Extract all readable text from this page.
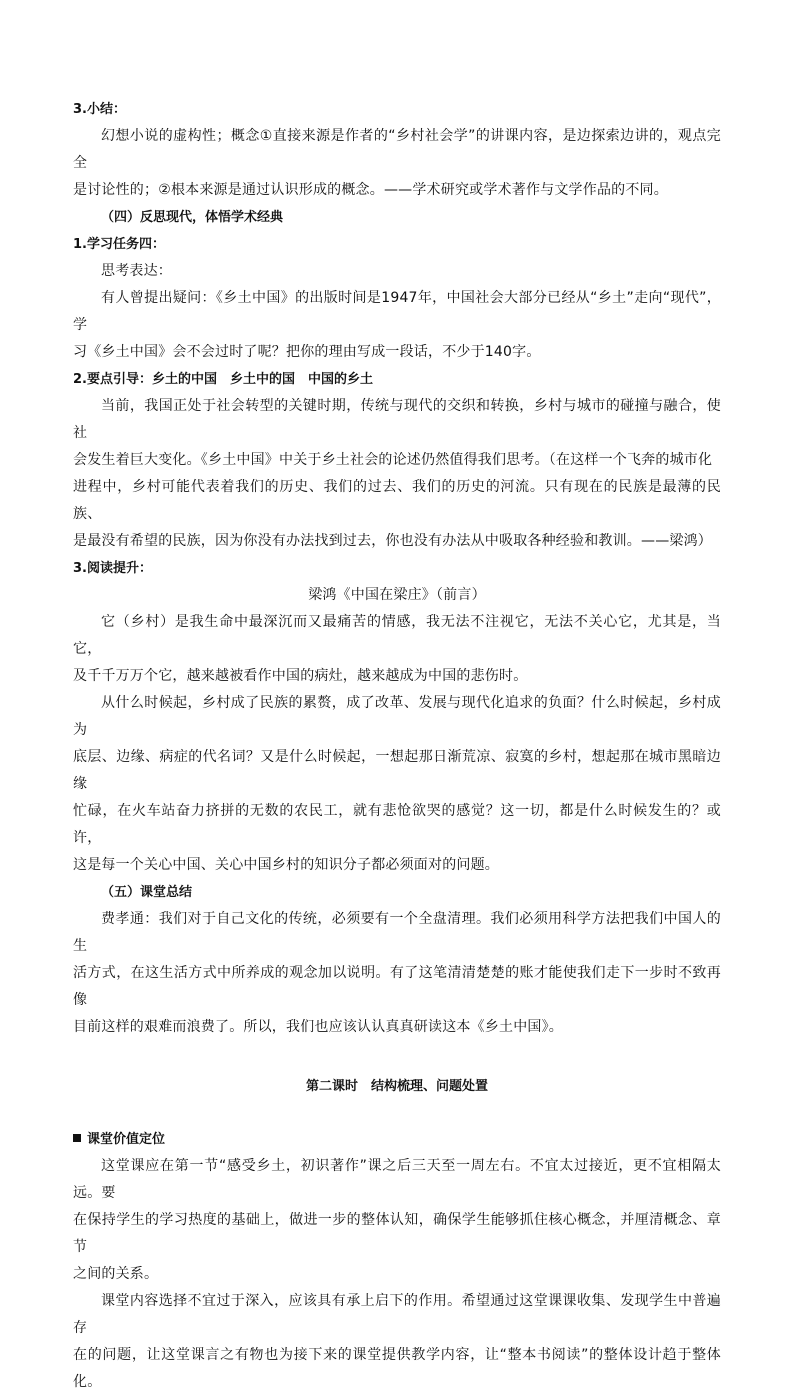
3.小结：

幻想小说的虚构性；概念①直接来源是作者的“乡村社会学”的讲课内容，是边探索边讲的，观点完全

是讨论性的；②根本来源是通过认识形成的概念。——学术研究或学术著作与文学作品的不同。

（四）反思现代，体悟学术经典

1.学习任务四：

思考表达：

有人曾提出疑问：《乡土中国》的出版时间是1947年，中国社会大部分已经从“乡土”走向“现代”，学

习《乡土中国》会不会过时了呢？把你的理由写成一段话，不少于140字。

2.要点引导：乡土的中国　乡土中的国　中国的乡土

当前，我国正处于社会转型的关键时期，传统与现代的交织和转换，乡村与城市的碰撞与融合，使社

会发生着巨大变化。《乡土中国》中关于乡土社会的论述仍然值得我们思考。（在这样一个飞奔的城市化

进程中，乡村可能代表着我们的历史、我们的过去、我们的历史的河流。只有现在的民族是最薄的民族、

是最没有希望的民族，因为你没有办法找到过去，你也没有办法从中吸取各种经验和教训。——梁鸿）

3.阅读提升：

梁鸿《中国在梁庄》（前言）

它（乡村）是我生命中最深沉而又最痛苦的情感，我无法不注视它，无法不关心它，尤其是，当它，

及千千万万个它，越来越被看作中国的病灶，越来越成为中国的悲伤时。

从什么时候起，乡村成了民族的累赘，成了改革、发展与现代化追求的负面？什么时候起，乡村成为

底层、边缘、病症的代名词？又是什么时候起，一想起那日渐荒凉、寂寞的乡村，想起那在城市黑暗边缘

忙碌，在火车站奋力挤拼的无数的农民工，就有悲怆欲哭的感觉？这一切，都是什么时候发生的？或许，

这是每一个关心中国、关心中国乡村的知识分子都必须面对的问题。

（五）课堂总结

费孝通：我们对于自己文化的传统，必须要有一个全盘清理。我们必须用科学方法把我们中国人的生

活方式，在这生活方式中所养成的观念加以说明。有了这笔清清楚楚的账才能使我们走下一步时不致再像

目前这样的艰难而浪费了。所以，我们也应该认认真真研读这本《乡土中国》。

第二课时　结构梳理、问题处置

课堂价值定位

这堂课应在第一节“感受乡土，初识著作”课之后三天至一周左右。不宜太过接近，更不宜相隔太远。要

在保持学生的学习热度的基础上，做进一步的整体认知，确保学生能够抓住核心概念，并厘清概念、章节

之间的关系。

课堂内容选择不宜过于深入，应该具有承上启下的作用。希望通过这堂课课收集、发现学生中普遍存

在的问题，让这堂课言之有物也为接下来的课堂提供教学内容，让“整本书阅读”的整体设计趋于整体化。
